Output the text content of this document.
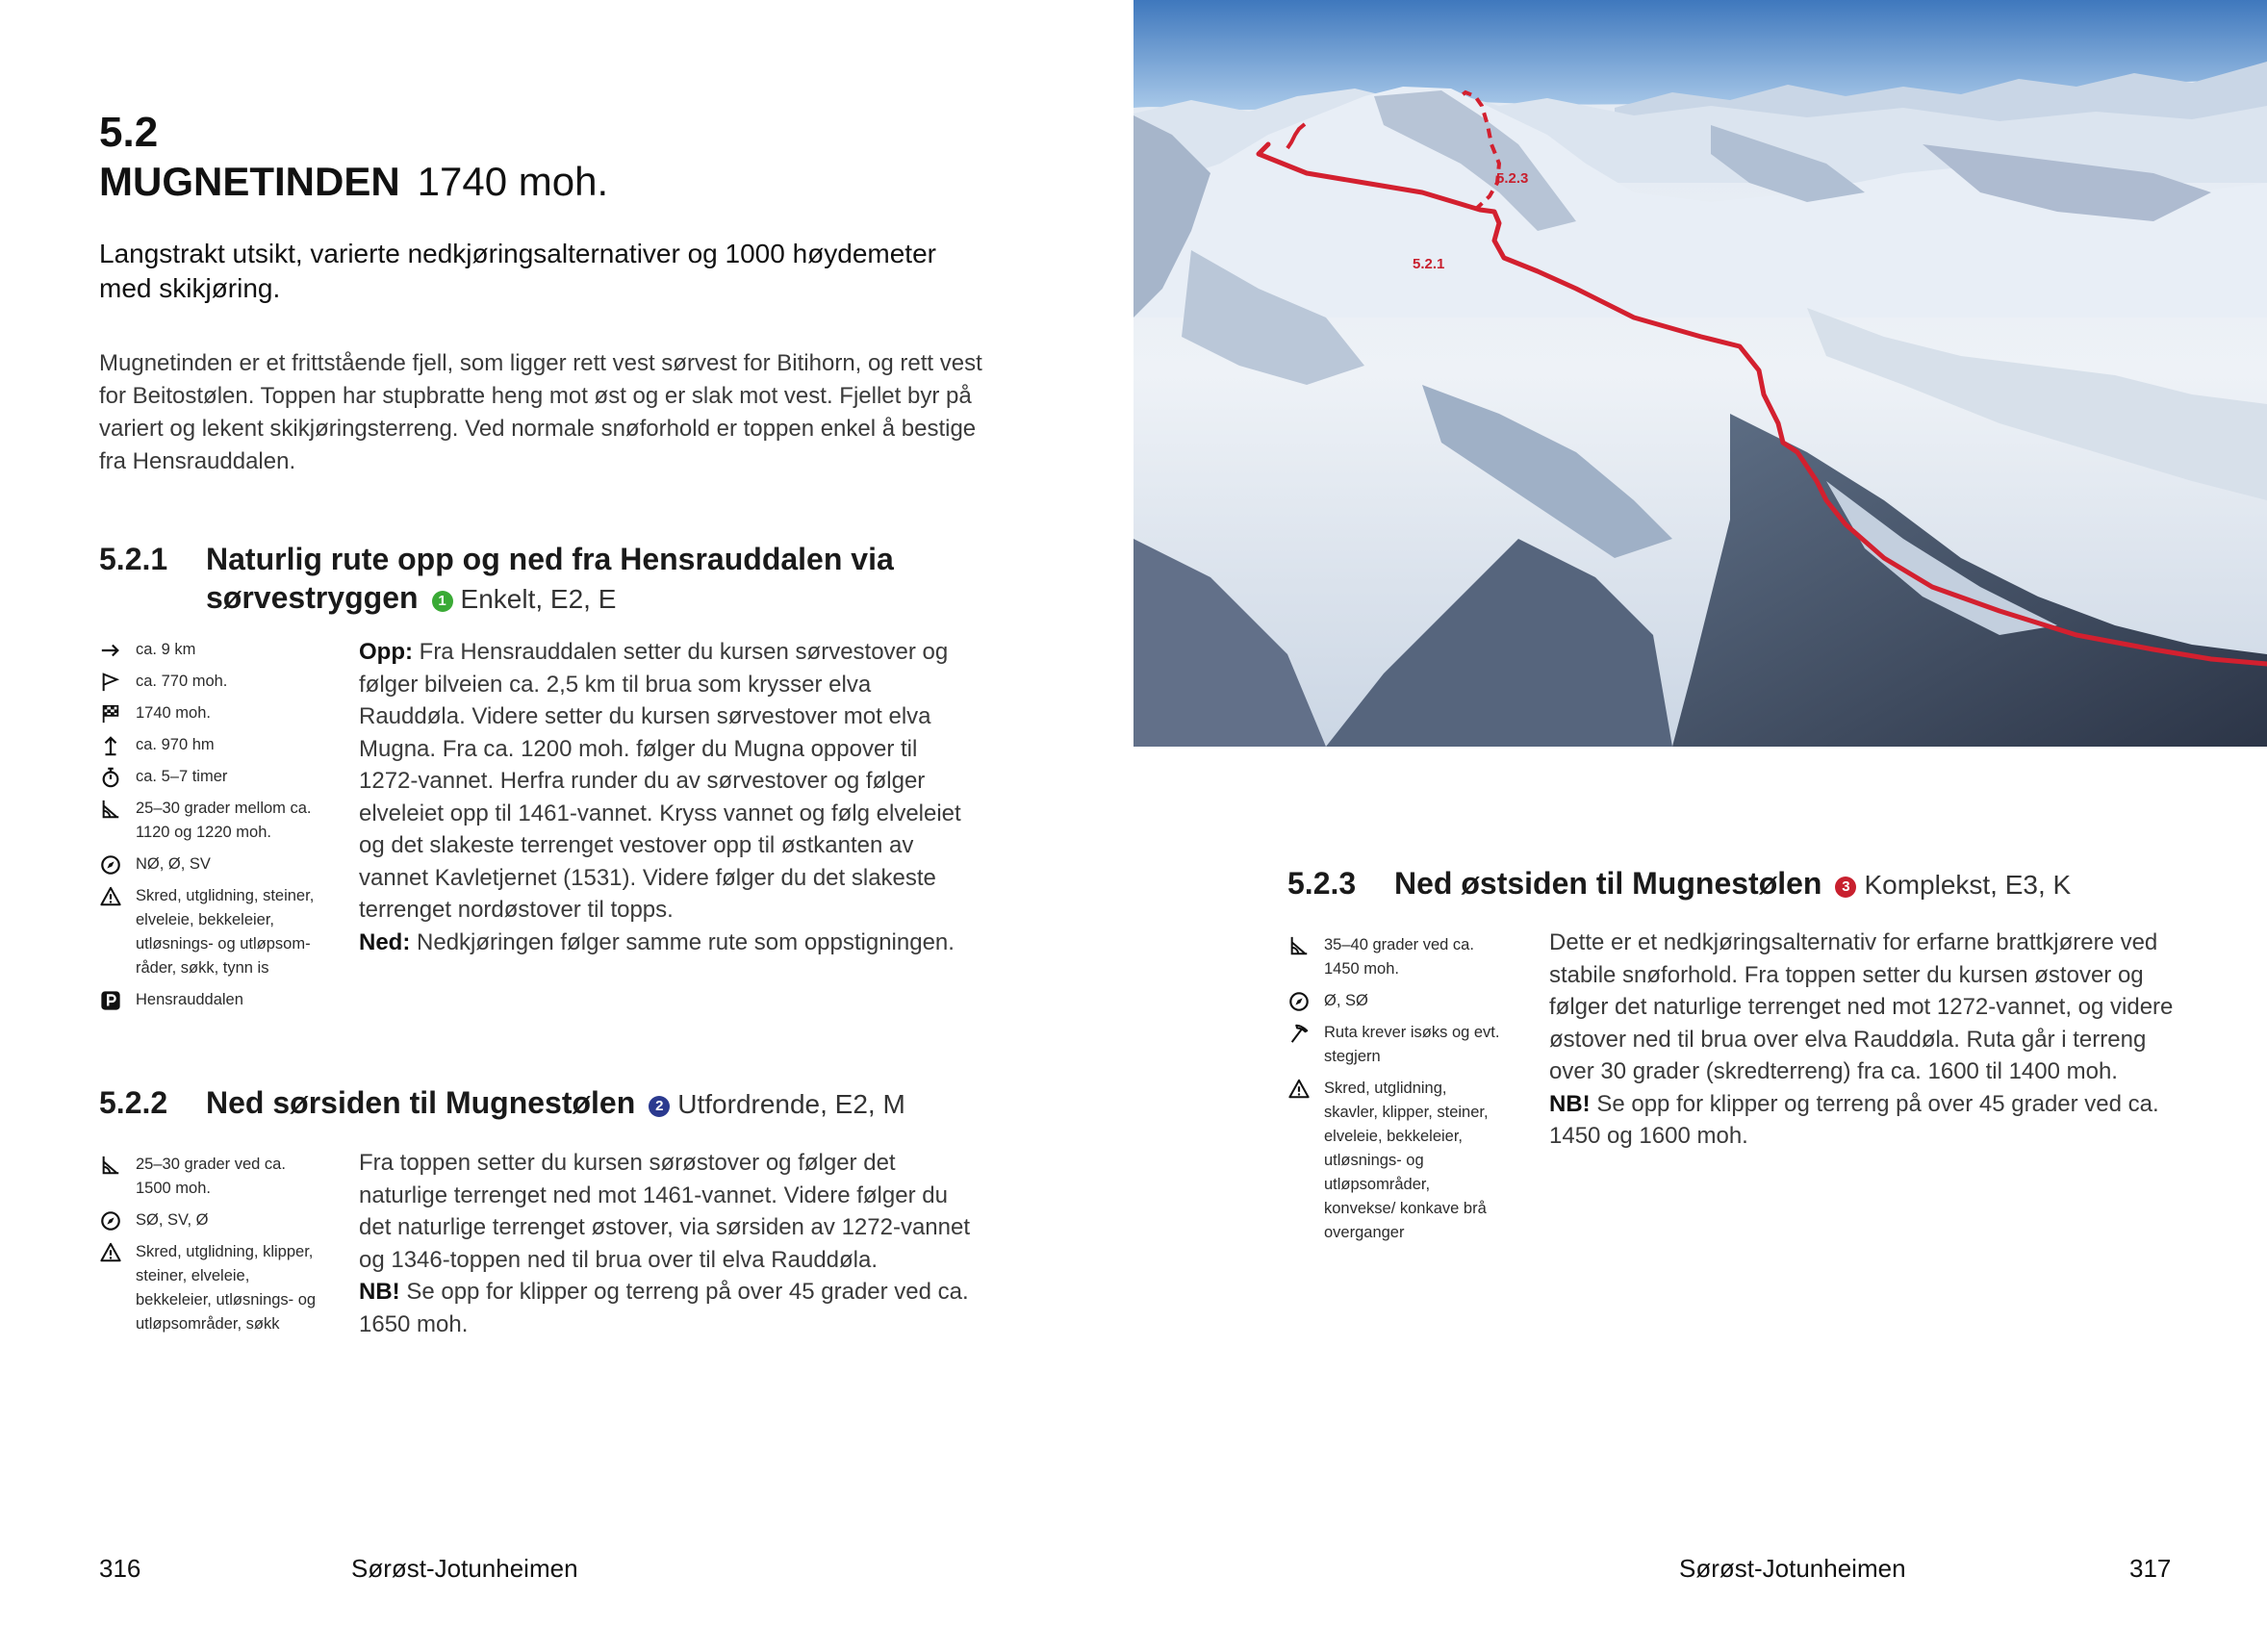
5.2
MUGNETINDEN 1740 moh.
Langstrakt utsikt, varierte nedkjøringsalternativer og 1000 høydemeter med skikjøring.
Mugnetinden er et frittstående fjell, som ligger rett vest sørvest for Bitihorn, og rett vest for Beitostølen. Toppen har stupbratte heng mot øst og er slak mot vest. Fjellet byr på variert og lekent skikjøringsterreng. Ved normale snøforhold er toppen enkel å bestige fra Hensrauddalen.
5.2.1 Naturlig rute opp og ned fra Hensrauddalen via
sørvestryggen 1 Enkelt, E2, E
ca. 9 km
ca. 770 moh.
1740 moh.
ca. 970 hm
ca. 5–7 timer
25–30 grader mellom ca. 1120 og 1220 moh.
NØ, Ø, SV
Skred, utglidning, steiner, elveleie, bekkeleier, utløsnings- og utløpsom-råder, søkk, tynn is
Hensrauddalen
Opp: Fra Hensrauddalen setter du kursen sørvestover og følger bilveien ca. 2,5 km til brua som krysser elva Rauddøla. Videre setter du kursen sørvestover mot elva Mugna. Fra ca. 1200 moh. følger du Mugna oppover til 1272-vannet. Herfra runder du av sørvestover og følger elveleiet opp til 1461-vannet. Kryss vannet og følg elveleiet og det slakeste terrenget vestover opp til østkanten av vannet Kavletjernet (1531). Videre følger du det slakeste terrenget nordøstover til topps.
Ned: Nedkjøringen følger samme rute som oppstigningen.
5.2.2 Ned sørsiden til Mugnestølen 2 Utfordrende, E2, M
25–30 grader ved ca. 1500 moh.
SØ, SV, Ø
Skred, utglidning, klipper, steiner, elveleie, bekkeleier, utløsnings- og utløpsområder, søkk
Fra toppen setter du kursen sørøstover og følger det naturlige terrenget ned mot 1461-vannet. Videre følger du det naturlige terrenget østover, via sørsiden av 1272-vannet og 1346-toppen ned til brua over til elva Rauddøla.
NB! Se opp for klipper og terreng på over 45 grader ved ca. 1650 moh.
316	Sørøst-Jotunheimen
5.2.3
5.2.1
5.2.3 Ned østsiden til Mugnestølen 3 Komplekst, E3, K
35–40 grader ved ca. 1450 moh.
Ø, SØ
Ruta krever isøks og evt. stegjern
Skred, utglidning, skavler, klipper, steiner, elveleie, bekkeleier, utløsnings- og utløpsområder, konvekse/ konkave brå overganger
Dette er et nedkjøringsalternativ for erfarne brattkjørere ved stabile snøforhold. Fra toppen setter du kursen østover og følger det naturlige terrenget ned mot 1272-vannet, og videre østover ned til brua over elva Rauddøla. Ruta går i terreng over 30 grader (skredterreng) fra ca. 1600 til 1400 moh.
NB! Se opp for klipper og terreng på over 45 grader ved ca. 1450 og 1600 moh.
Sørøst-Jotunheimen	317
